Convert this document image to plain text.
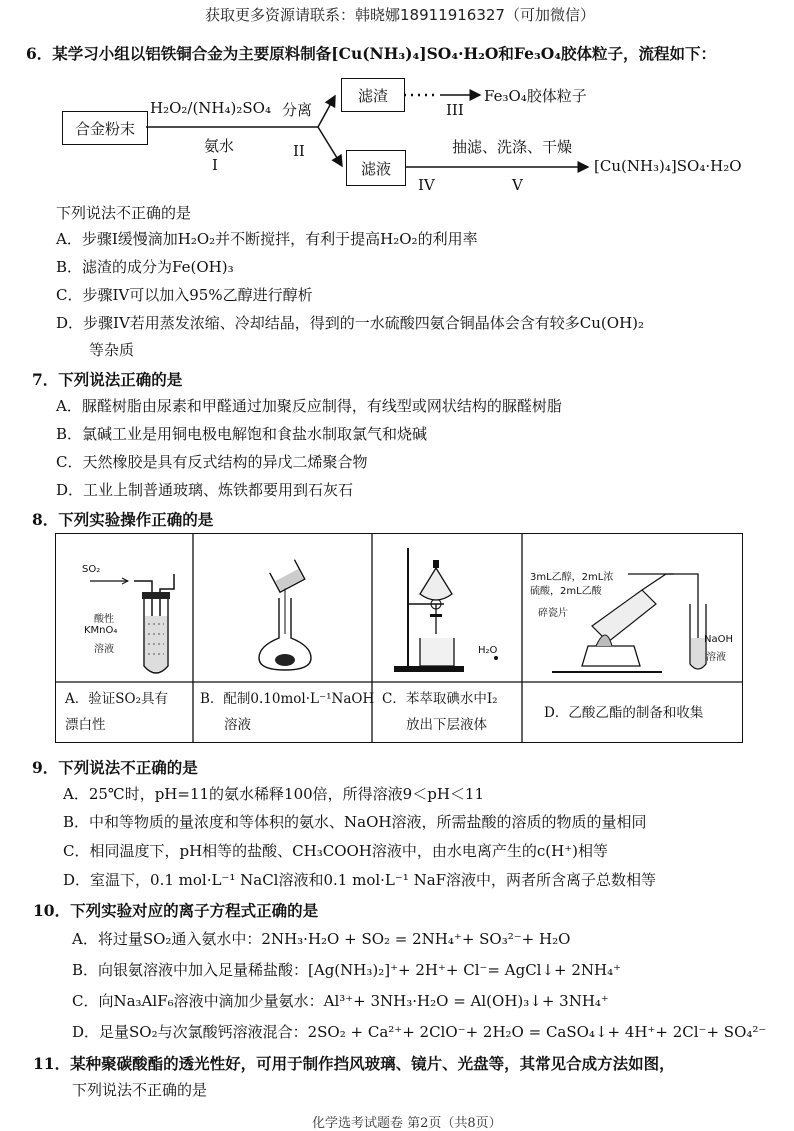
获取更多资源请联系：韩晓娜18911916327（可加微信）
6．某学习小组以铝铁铜合金为主要原料制备[Cu(NH₃)₄]SO₄·H₂O和Fe₃O₄胶体粒子，流程如下：
合金粉末
H₂O₂/(NH₄)₂SO₄ 分离
氨水
I
II
滤渣
III
Fe₃O₄胶体粒子
滤液
抽滤、洗涤、干燥
IV	V
[Cu(NH₃)₄]SO₄·H₂O
下列说法不正确的是
A．步骤I缓慢滴加H₂O₂并不断搅拌，有利于提高H₂O₂的利用率
B．滤渣的成分为Fe(OH)₃
C．步骤IV可以加入95%乙醇进行醇析
D．步骤IV若用蒸发浓缩、冷却结晶，得到的一水硫酸四氨合铜晶体会含有较多Cu(OH)₂
等杂质
7．下列说法正确的是
A．脲醛树脂由尿素和甲醛通过加聚反应制得，有线型或网状结构的脲醛树脂
B．氯碱工业是用铜电极电解饱和食盐水制取氯气和烧碱
C．天然橡胶是具有反式结构的异戊二烯聚合物
D．工业上制普通玻璃、炼铁都要用到石灰石
8．下列实验操作正确的是
SO₂
酸性
KMnO₄
溶液	H₂O
3mL乙醇，2mL浓
硫酸，2mL乙酸
碎瓷片
NaOH
溶液
A．验证SO₂具有
漂白性
B．配制0.10mol·L⁻¹NaOH
溶液
C．苯萃取碘水中I₂
放出下层液体
D．乙酸乙酯的制备和收集
9．下列说法不正确的是
A．25℃时，pH=11的氨水稀释100倍，所得溶液9＜pH＜11
B．中和等物质的量浓度和等体积的氨水、NaOH溶液，所需盐酸的溶质的物质的量相同
C．相同温度下，pH相等的盐酸、CH₃COOH溶液中，由水电离产生的c(H⁺)相等
D．室温下，0.1 mol·L⁻¹ NaCl溶液和0.1 mol·L⁻¹ NaF溶液中，两者所含离子总数相等
10．下列实验对应的离子方程式正确的是
A．将过量SO₂通入氨水中：2NH₃·H₂O + SO₂ = 2NH₄⁺+ SO₃²⁻+ H₂O
B．向银氨溶液中加入足量稀盐酸：[Ag(NH₃)₂]⁺+ 2H⁺+ Cl⁻= AgCl↓+ 2NH₄⁺
C．向Na₃AlF₆溶液中滴加少量氨水：Al³⁺+ 3NH₃·H₂O = Al(OH)₃↓+ 3NH₄⁺
D．足量SO₂与次氯酸钙溶液混合：2SO₂ + Ca²⁺+ 2ClO⁻+ 2H₂O = CaSO₄↓+ 4H⁺+ 2Cl⁻+ SO₄²⁻
11．某种聚碳酸酯的透光性好，可用于制作挡风玻璃、镜片、光盘等，其常见合成方法如图，
下列说法不正确的是
化学选考试题卷 第2页（共8页）
